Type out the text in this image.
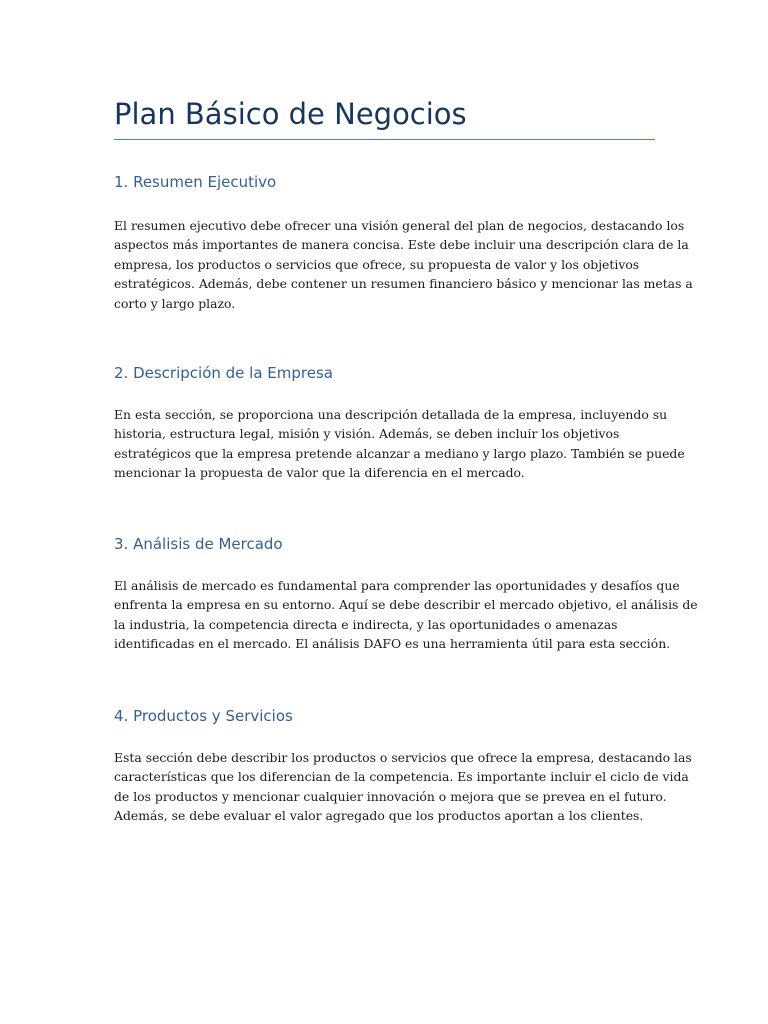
Plan Básico de Negocios
1. Resumen Ejecutivo
El resumen ejecutivo debe ofrecer una visión general del plan de negocios, destacando los
aspectos más importantes de manera concisa. Este debe incluir una descripción clara de la
empresa, los productos o servicios que ofrece, su propuesta de valor y los objetivos
estratégicos. Además, debe contener un resumen financiero básico y mencionar las metas a
corto y largo plazo.
2. Descripción de la Empresa
En esta sección, se proporciona una descripción detallada de la empresa, incluyendo su
historia, estructura legal, misión y visión. Además, se deben incluir los objetivos
estratégicos que la empresa pretende alcanzar a mediano y largo plazo. También se puede
mencionar la propuesta de valor que la diferencia en el mercado.
3. Análisis de Mercado
El análisis de mercado es fundamental para comprender las oportunidades y desafíos que
enfrenta la empresa en su entorno. Aquí se debe describir el mercado objetivo, el análisis de
la industria, la competencia directa e indirecta, y las oportunidades o amenazas
identificadas en el mercado. El análisis DAFO es una herramienta útil para esta sección.
4. Productos y Servicios
Esta sección debe describir los productos o servicios que ofrece la empresa, destacando las
características que los diferencian de la competencia. Es importante incluir el ciclo de vida
de los productos y mencionar cualquier innovación o mejora que se prevea en el futuro.
Además, se debe evaluar el valor agregado que los productos aportan a los clientes.
